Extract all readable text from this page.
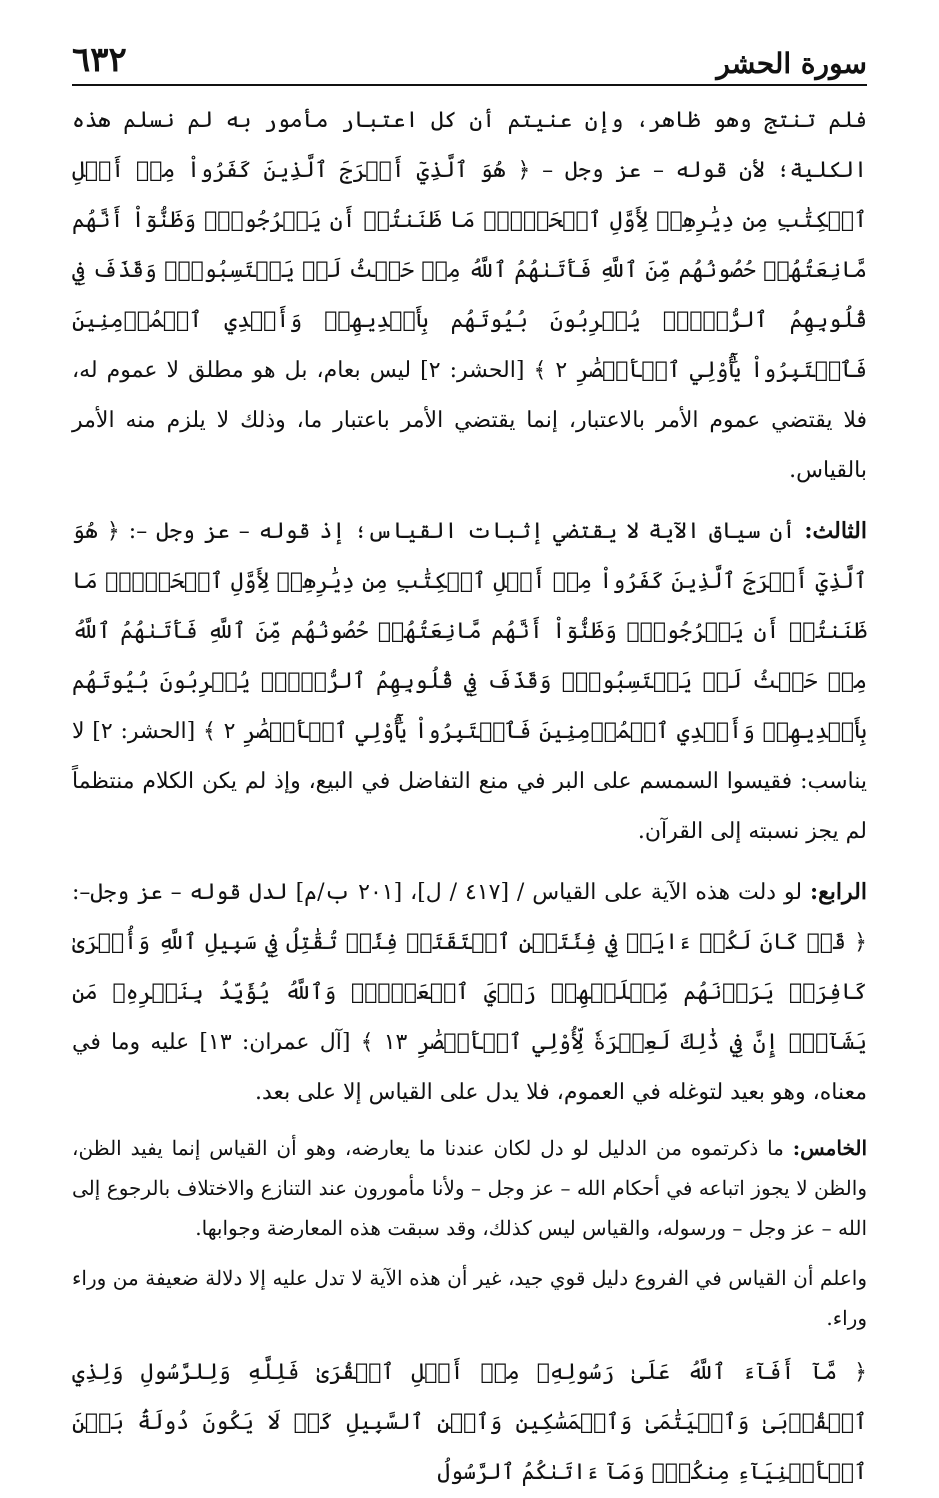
سورة الحشر
٦٣٢

فلم تنتج وهو ظاهر، وإن عنيتم أن كل اعتبار مأمور به لم نسلم هذه الكلية؛ لأن قوله – عز وجل – ﴿ هُوَ ٱلَّذِيٓ أَخۡرَجَ ٱلَّذِينَ كَفَرُواْ مِنۡ أَهۡلِ ٱلۡكِتَٰبِ مِن دِيَٰرِهِمۡ لِأَوَّلِ ٱلۡحَشۡرِۚ مَا ظَنَنتُمۡ أَن يَخۡرُجُواْۖ وَظَنُّوٓاْ أَنَّهُم مَّانِعَتُهُمۡ حُصُونُهُم مِّنَ ٱللَّهِ فَأَتَىٰهُمُ ٱللَّهُ مِنۡ حَيۡثُ لَمۡ يَحۡتَسِبُواْۖ وَقَذَفَ فِي قُلُوبِهِمُ ٱلرُّعۡبَۚ يُخۡرِبُونَ بُيُوتَهُم بِأَيۡدِيهِمۡ وَأَيۡدِي ٱلۡمُؤۡمِنِينَ فَٱعۡتَبِرُواْ يَٰٓأُوْلِي ٱلۡأَبۡصَٰرِ ٢ ﴾ [الحشر: ٢] ليس بعام، بل هو مطلق لا عموم له، فلا يقتضي عموم الأمر بالاعتبار، إنما يقتضي الأمر باعتبار ما، وذلك لا يلزم منه الأمر بالقياس.

الثالث: أن سياق الآية لا يقتضي إثبات القياس؛ إذ قوله – عز وجل –: ﴿ هُوَ ٱلَّذِيٓ أَخۡرَجَ ٱلَّذِينَ كَفَرُواْ مِنۡ أَهۡلِ ٱلۡكِتَٰبِ مِن دِيَٰرِهِمۡ لِأَوَّلِ ٱلۡحَشۡرِۚ مَا ظَنَنتُمۡ أَن يَخۡرُجُواْۖ وَظَنُّوٓاْ أَنَّهُم مَّانِعَتُهُمۡ حُصُونُهُم مِّنَ ٱللَّهِ فَأَتَىٰهُمُ ٱللَّهُ مِنۡ حَيۡثُ لَمۡ يَحۡتَسِبُواْۖ وَقَذَفَ فِي قُلُوبِهِمُ ٱلرُّعۡبَۚ يُخۡرِبُونَ بُيُوتَهُم بِأَيۡدِيهِمۡ وَأَيۡدِي ٱلۡمُؤۡمِنِينَ فَٱعۡتَبِرُواْ يَٰٓأُوْلِي ٱلۡأَبۡصَٰرِ ٢ ﴾ [الحشر: ٢] لا يناسب: فقيسوا السمسم على البر في منع التفاضل في البيع، وإذ لم يكن الكلام منتظماً لم يجز نسبته إلى القرآن.

الرابع: لو دلت هذه الآية على القياس / [٤١٧ / ل]، [٢٠١ ب/م] لدل قوله – عز وجل–: ﴿ قَدۡ كَانَ لَكُمۡ ءَايَةٞ فِي فِئَتَيۡنِ ٱلۡتَقَتَاۖ فِئَةٞ تُقَٰتِلُ فِي سَبِيلِ ٱللَّهِ وَأُخۡرَىٰ كَافِرَةٞ يَرَوۡنَهُم مِّثۡلَيۡهِمۡ رَأۡيَ ٱلۡعَيۡنِۚ وَٱللَّهُ يُؤَيِّدُ بِنَصۡرِهِۦ مَن يَشَآءُۚ إِنَّ فِي ذَٰلِكَ لَعِبۡرَةٗ لِّأُوْلِي ٱلۡأَبۡصَٰرِ ١٣ ﴾ [آل عمران: ١٣] عليه وما في معناه، وهو بعيد لتوغله في العموم، فلا يدل على القياس إلا على بعد.

الخامس: ما ذكرتموه من الدليل لو دل لكان عندنا ما يعارضه، وهو أن القياس إنما يفيد الظن، والظن لا يجوز اتباعه في أحكام الله – عز وجل – ولأنا مأمورون عند التنازع والاختلاف بالرجوع إلى الله – عز وجل – ورسوله، والقياس ليس كذلك، وقد سبقت هذه المعارضة وجوابها.

واعلم أن القياس في الفروع دليل قوي جيد، غير أن هذه الآية لا تدل عليه إلا دلالة ضعيفة من وراء وراء.

﴿ مَّآ أَفَآءَ ٱللَّهُ عَلَىٰ رَسُولِهِۦ مِنۡ أَهۡلِ ٱلۡقُرَىٰ فَلِلَّهِ وَلِلرَّسُولِ وَلِذِي ٱلۡقُرۡبَىٰ وَٱلۡيَتَٰمَىٰ وَٱلۡمَسَٰكِينِ وَٱبۡنِ ٱلسَّبِيلِ كَيۡ لَا يَكُونَ دُولَةَۢ بَيۡنَ ٱلۡأَغۡنِيَآءِ مِنكُمۡۚ وَمَآ ءَاتَىٰكُمُ ٱلرَّسُولُ
